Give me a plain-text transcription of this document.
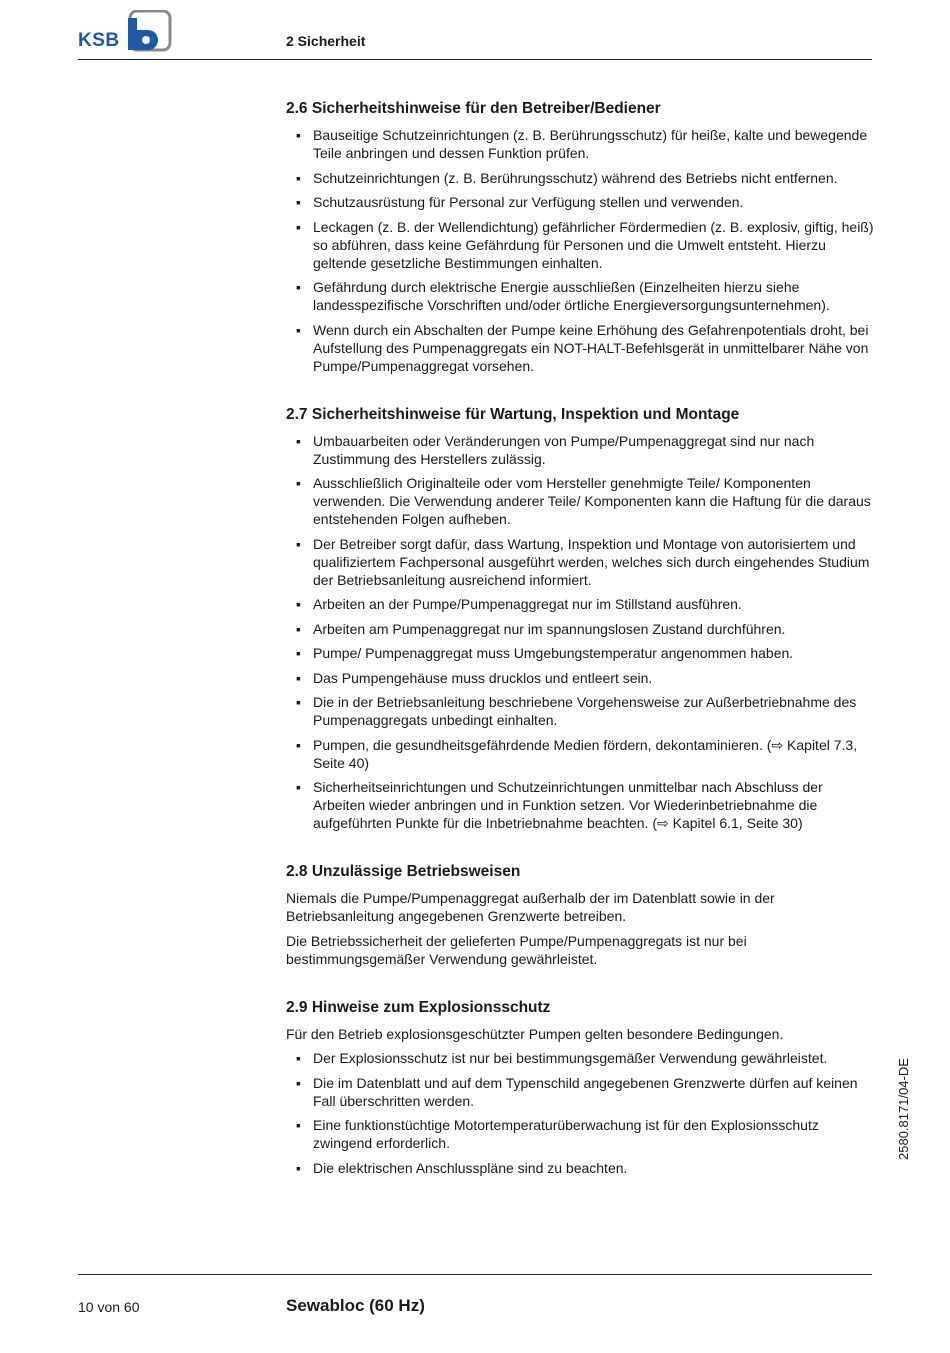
KSB	2 Sicherheit
2.6 Sicherheitshinweise für den Betreiber/Bediener
▪ Bauseitige Schutzeinrichtungen (z. B. Berührungsschutz) für heiße, kalte und bewegende Teile anbringen und dessen Funktion prüfen.
▪ Schutzeinrichtungen (z. B. Berührungsschutz) während des Betriebs nicht entfernen.
▪ Schutzausrüstung für Personal zur Verfügung stellen und verwenden.
▪ Leckagen (z. B. der Wellendichtung) gefährlicher Fördermedien (z. B. explosiv, giftig, heiß) so abführen, dass keine Gefährdung für Personen und die Umwelt entsteht. Hierzu geltende gesetzliche Bestimmungen einhalten.
▪ Gefährdung durch elektrische Energie ausschließen (Einzelheiten hierzu siehe landesspezifische Vorschriften und/oder örtliche Energieversorgungsunternehmen).
▪ Wenn durch ein Abschalten der Pumpe keine Erhöhung des Gefahrenpotentials droht, bei Aufstellung des Pumpenaggregats ein NOT-HALT-Befehlsgerät in unmittelbarer Nähe von Pumpe/Pumpenaggregat vorsehen.
2.7 Sicherheitshinweise für Wartung, Inspektion und Montage
▪ Umbauarbeiten oder Veränderungen von Pumpe/Pumpenaggregat sind nur nach Zustimmung des Herstellers zulässig.
▪ Ausschließlich Originalteile oder vom Hersteller genehmigte Teile/ Komponenten verwenden. Die Verwendung anderer Teile/ Komponenten kann die Haftung für die daraus entstehenden Folgen aufheben.
▪ Der Betreiber sorgt dafür, dass Wartung, Inspektion und Montage von autorisiertem und qualifiziertem Fachpersonal ausgeführt werden, welches sich durch eingehendes Studium der Betriebsanleitung ausreichend informiert.
▪ Arbeiten an der Pumpe/Pumpenaggregat nur im Stillstand ausführen.
▪ Arbeiten am Pumpenaggregat nur im spannungslosen Zustand durchführen.
▪ Pumpe/ Pumpenaggregat muss Umgebungstemperatur angenommen haben.
▪ Das Pumpengehäuse muss drucklos und entleert sein.
▪ Die in der Betriebsanleitung beschriebene Vorgehensweise zur Außerbetriebnahme des Pumpenaggregats unbedingt einhalten.
▪ Pumpen, die gesundheitsgefährdende Medien fördern, dekontaminieren. (⇨ Kapitel 7.3, Seite 40)
▪ Sicherheitseinrichtungen und Schutzeinrichtungen unmittelbar nach Abschluss der Arbeiten wieder anbringen und in Funktion setzen. Vor Wiederinbetriebnahme die aufgeführten Punkte für die Inbetriebnahme beachten. (⇨ Kapitel 6.1, Seite 30)
2.8 Unzulässige Betriebsweisen

Niemals die Pumpe/Pumpenaggregat außerhalb der im Datenblatt sowie in der Betriebsanleitung angegebenen Grenzwerte betreiben.

Die Betriebssicherheit der gelieferten Pumpe/Pumpenaggregats ist nur bei bestimmungsgemäßer Verwendung gewährleistet.

2.9 Hinweise zum Explosionsschutz

Für den Betrieb explosionsgeschützter Pumpen gelten besondere Bedingungen.

▪ Der Explosionsschutz ist nur bei bestimmungsgemäßer Verwendung gewährleistet.
▪ Die im Datenblatt und auf dem Typenschild angegebenen Grenzwerte dürfen auf keinen Fall überschritten werden.
▪ Eine funktionstüchtige Motortemperaturüberwachung ist für den Explosionsschutz zwingend erforderlich.
▪ Die elektrischen Anschlusspläne sind zu beachten.
2580.8171/04-DE
10 von 60	Sewabloc (60 Hz)
